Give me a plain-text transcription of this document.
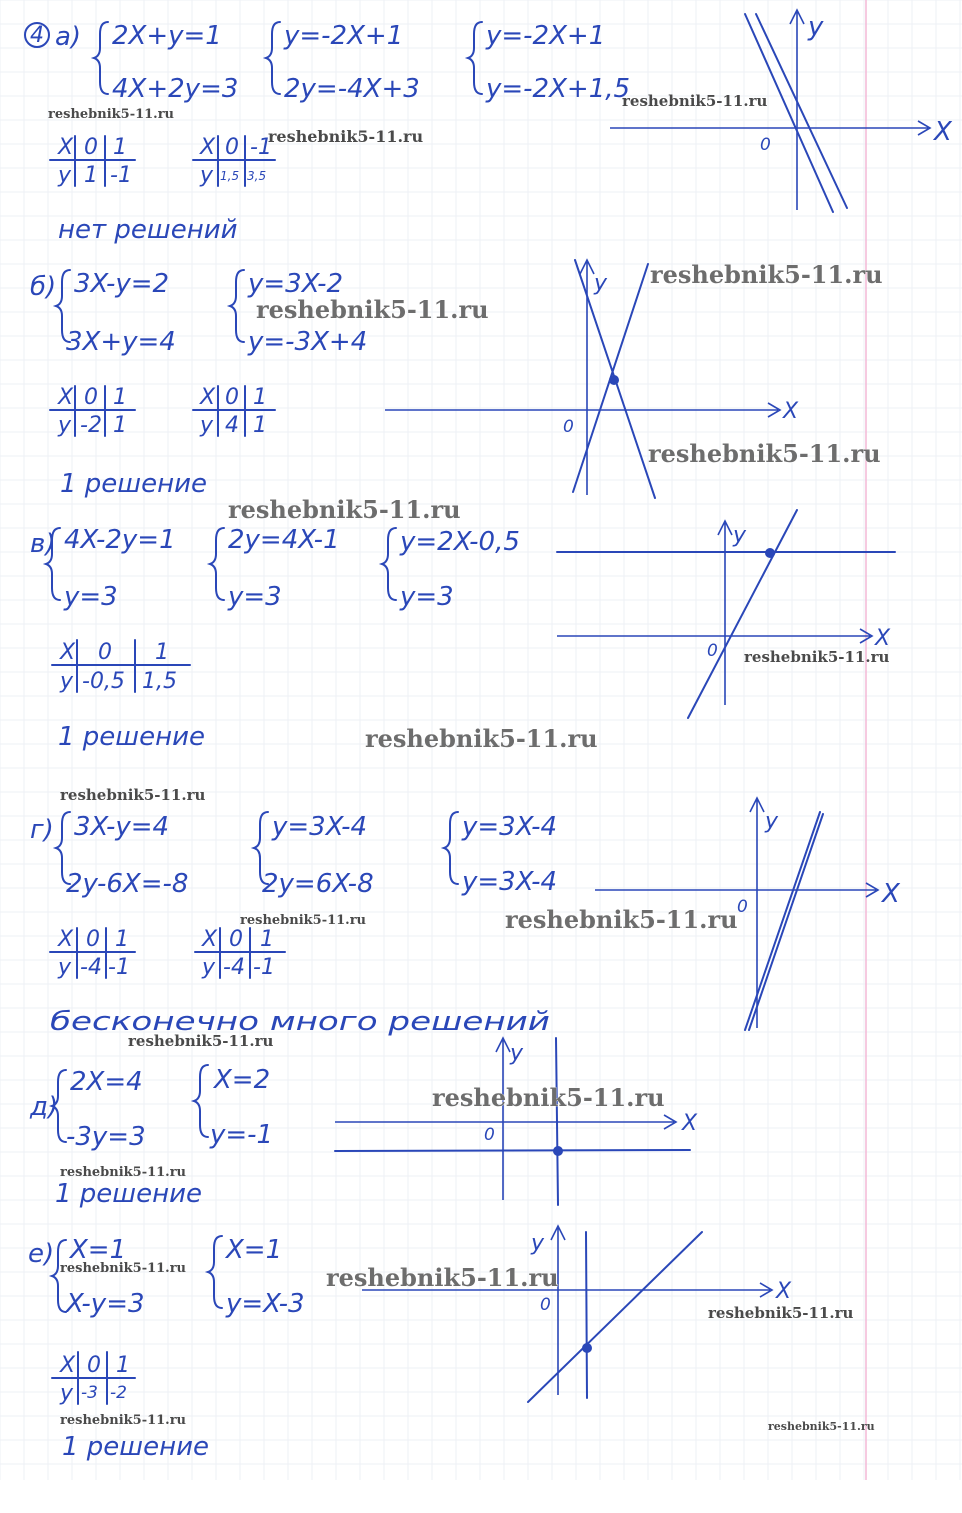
4 а) 2X+y=1
4X+2y=3
y=-2X+1
2y=-4X+3
y=-2X+1
y=-2X+1,5
X 0 1
y 1 -1
X 0 -1
y 1,5 3,5
нет решений
X
y
0
б) 3X-y=2
3X+y=4
y=3X-2
y=-3X+4
X 0 1
y -2 1
X 0 1
y 4 1
1 решение
X
y
0
в) 4X-2y=1
y=3
2y=4X-1
y=3
y=2X-0,5
y=3
X 0 1
y -0,5 1,5
1 решение
X
y
0
г) 3X-y=4
2y-6X=-8
y=3X-4
2y=6X-8
y=3X-4
y=3X-4
X 0 1
y -4 -1
X 0 1
y -4 -1
бесконечно много решений
X
y
0
д)
2X=4
-3y=3
X=2
y=-1
1 решение
X
y
0
е) X=1
X-y=3
X=1
y=X-3
X 0 1
y -3 -2
1 решение
X
y
0
reshebnik5-11.ru
reshebnik5-11.ru
reshebnik5-11.ru
reshebnik5-11.ru
reshebnik5-11.ru
reshebnik5-11.ru
reshebnik5-11.ru
reshebnik5-11.ru
reshebnik5-11.ru
reshebnik5-11.ru
reshebnik5-11.ru	reshebnik5-11.ru
reshebnik5-11.ru
reshebnik5-11.ru
reshebnik5-11.ru
reshebnik5-11.ru	reshebnik5-11.ru
reshebnik5-11.ru
reshebnik5-11.ru	reshebnik5-11.ru
